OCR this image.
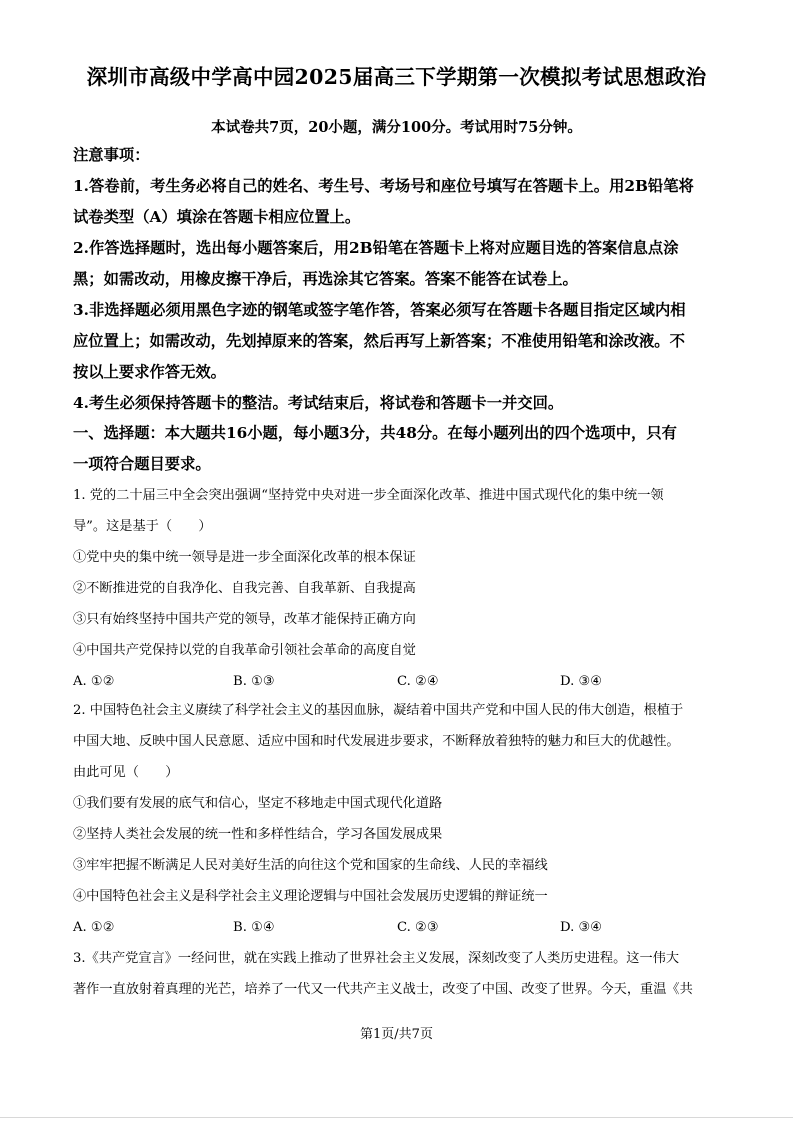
深圳市高级中学高中园2025届高三下学期第一次模拟考试思想政治
本试卷共7页，20小题，满分100分。考试用时75分钟。
注意事项：
1.答卷前，考生务必将自己的姓名、考生号、考场号和座位号填写在答题卡上。用2B铅笔将
试卷类型（A）填涂在答题卡相应位置上。
2.作答选择题时，选出每小题答案后，用2B铅笔在答题卡上将对应题目选的答案信息点涂
黑；如需改动，用橡皮擦干净后，再选涂其它答案。答案不能答在试卷上。
3.非选择题必须用黑色字迹的钢笔或签字笔作答，答案必须写在答题卡各题目指定区域内相
应位置上；如需改动，先划掉原来的答案，然后再写上新答案；不准使用铅笔和涂改液。不
按以上要求作答无效。
4.考生必须保持答题卡的整洁。考试结束后，将试卷和答题卡一并交回。
一、选择题：本大题共16小题，每小题3分，共48分。在每小题列出的四个选项中，只有
一项符合题目要求。
1. 党的二十届三中全会突出强调“坚持党中央对进一步全面深化改革、推进中国式现代化的集中统一领
导”。这是基于（　　）
①党中央的集中统一领导是进一步全面深化改革的根本保证
②不断推进党的自我净化、自我完善、自我革新、自我提高
③只有始终坚持中国共产党的领导，改革才能保持正确方向
④中国共产党保持以党的自我革命引领社会革命的高度自觉
A. ①②	B. ①③	C. ②④	D. ③④
2. 中国特色社会主义赓续了科学社会主义的基因血脉，凝结着中国共产党和中国人民的伟大创造，根植于
中国大地、反映中国人民意愿、适应中国和时代发展进步要求，不断释放着独特的魅力和巨大的优越性。
由此可见（　　）
①我们要有发展的底气和信心，坚定不移地走中国式现代化道路
②坚持人类社会发展的统一性和多样性结合，学习各国发展成果
③牢牢把握不断满足人民对美好生活的向往这个党和国家的生命线、人民的幸福线
④中国特色社会主义是科学社会主义理论逻辑与中国社会发展历史逻辑的辩证统一
A. ①②	B. ①④	C. ②③	D. ③④
3.《共产党宣言》一经问世，就在实践上推动了世界社会主义发展，深刻改变了人类历史进程。这一伟大
著作一直放射着真理的光芒，培养了一代又一代共产主义战士，改变了中国、改变了世界。今天，重温《共
第1页/共7页
